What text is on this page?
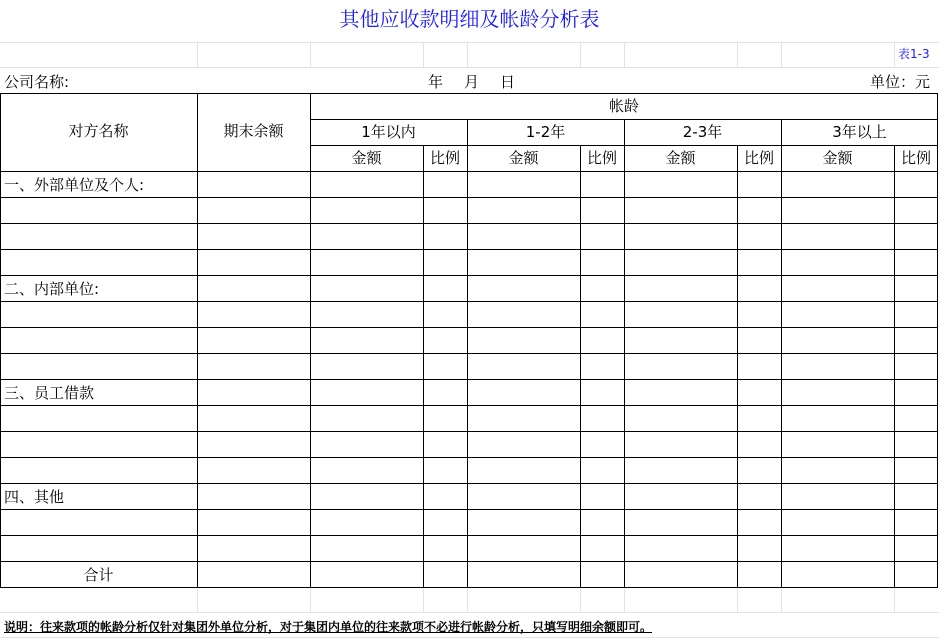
其他应收款明细及帐龄分析表
表1-3
公司名称:	年 月 日	单位：元
对方名称	期末余额
帐龄
1年以内	1-2年	2-3年	3年以上
金额	比例	金额	比例	金额	比例	金额	比例
一、外部单位及个人:
二、内部单位:
三、员工借款
四、其他
合计
说明：往来款项的帐龄分析仅针对集团外单位分析，对于集团内单位的往来款项不必进行帐龄分析，只填写明细余额即可。
